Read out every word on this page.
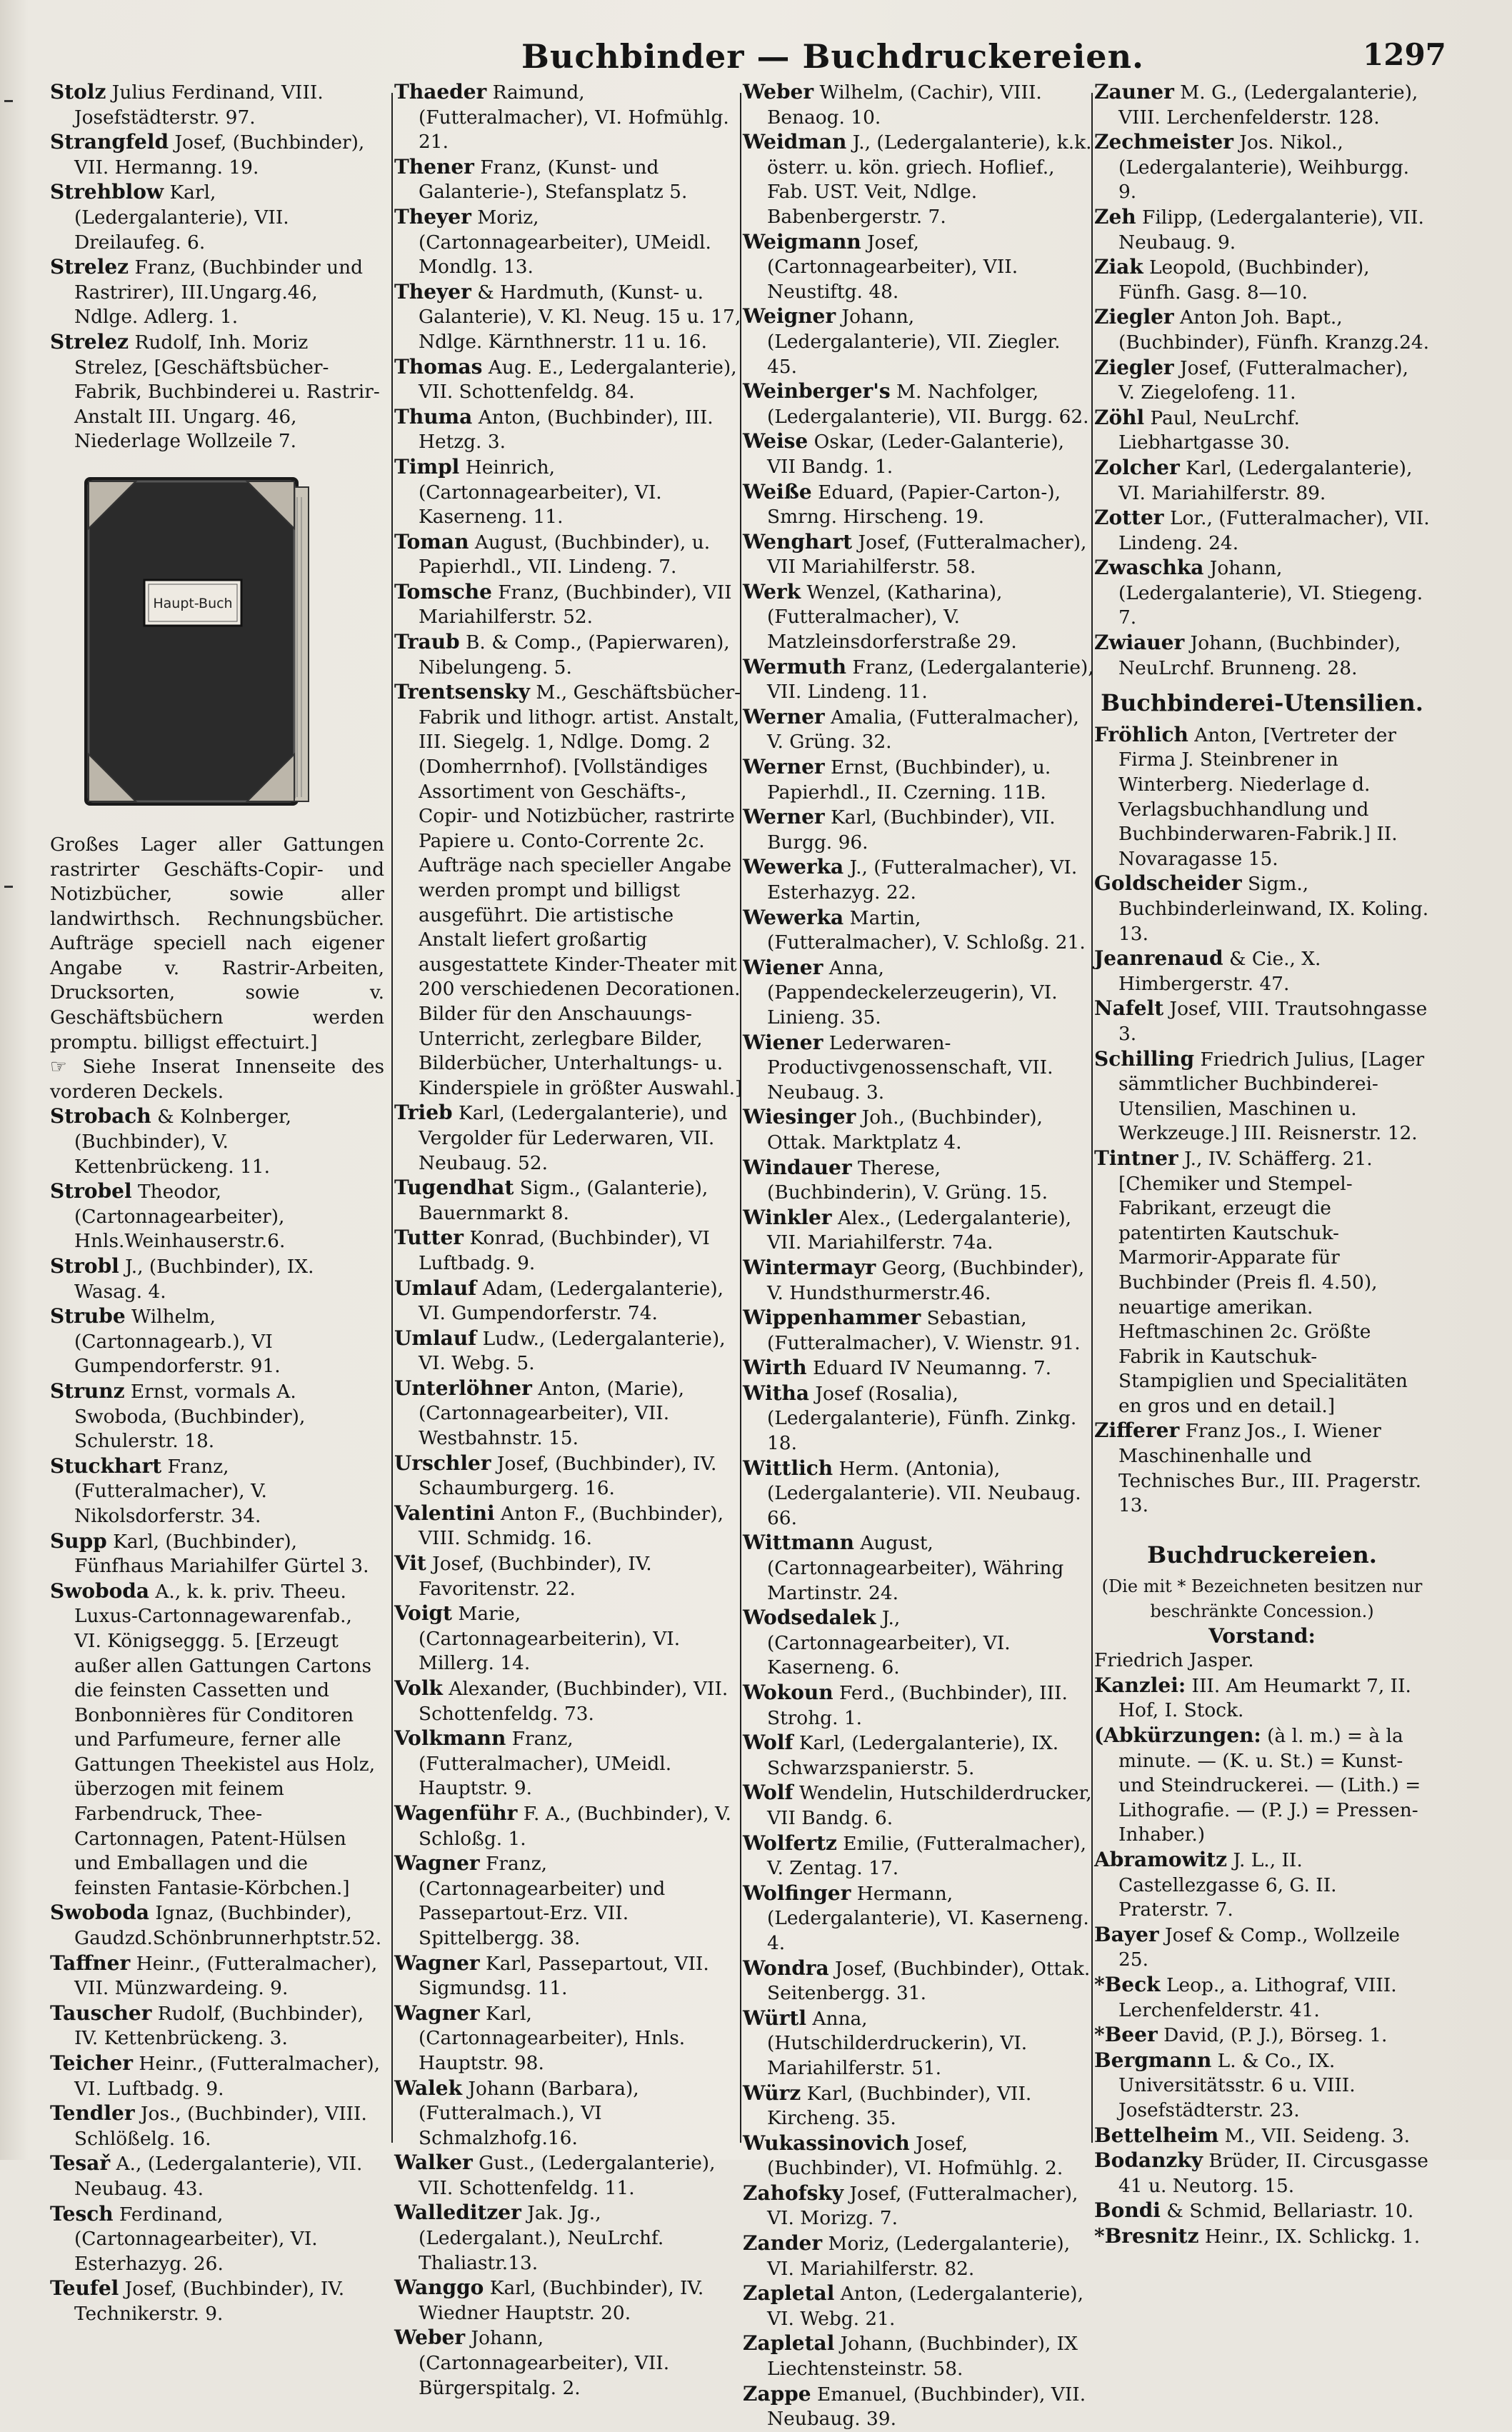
Buchbinder — Buchdruckereien.	1297

Stolz Julius Ferdinand, VIII. Josefstädterstr. 97.

Strangfeld Josef, (Buchbinder), VII. Hermanng. 19.

Strehblow Karl, (Ledergalanterie), VII. Dreilaufeg. 6.

Strelez Franz, (Buchbinder und Rastrirer), III.Ungarg.46, Ndlge. Adlerg. 1.

Strelez Rudolf, Inh. Moriz Strelez, [Geschäftsbücher-Fabrik, Buchbinderei u. Rastrir-Anstalt III. Ungarg. 46, Niederlage Wollzeile 7.

Haupt-Buch

Großes Lager aller Gattungen rastrirter Geschäfts-Copir- und Notizbücher, sowie aller landwirthsch. Rechnungsbücher. Aufträge speciell nach eigener Angabe v. Rastrir-Arbeiten, Drucksorten, sowie v. Geschäftsbüchern werden promptu. billigst effectuirt.]

☞ Siehe Inserat Innenseite des vorderen Deckels.

Strobach & Kolnberger, (Buchbinder), V. Kettenbrückeng. 11.

Strobel Theodor, (Cartonnagearbeiter), Hnls.Weinhauserstr.6.

Strobl J., (Buchbinder), IX. Wasag. 4.

Strube Wilhelm, (Cartonnagearb.), VI Gumpendorferstr. 91.

Strunz Ernst, vormals A. Swoboda, (Buchbinder), Schulerstr. 18.

Stuckhart Franz, (Futteralmacher), V. Nikolsdorferstr. 34.

Supp Karl, (Buchbinder), Fünfhaus Mariahilfer Gürtel 3.

Swoboda A., k. k. priv. Theeu. Luxus-Cartonnagewarenfab., VI. Königseggg. 5. [Erzeugt außer allen Gattungen Cartons die feinsten Cassetten und Bonbonnières für Conditoren und Parfumeure, ferner alle Gattungen Theekistel aus Holz, überzogen mit feinem Farbendruck, Thee-Cartonnagen, Patent-Hülsen und Emballagen und die feinsten Fantasie-Körbchen.]

Swoboda Ignaz, (Buchbinder), Gaudzd.Schönbrunnerhptstr.52.

Taffner Heinr., (Futteralmacher), VII. Münzwardeing. 9.

Tauscher Rudolf, (Buchbinder), IV. Kettenbrückeng. 3.

Teicher Heinr., (Futteralmacher), VI. Luftbadg. 9.

Tendler Jos., (Buchbinder), VIII. Schlößelg. 16.

Tesař A., (Ledergalanterie), VII. Neubaug. 43.

Tesch Ferdinand, (Cartonnagearbeiter), VI. Esterhazyg. 26.

Teufel Josef, (Buchbinder), IV. Technikerstr. 9.

Thaeder Raimund, (Futteralmacher), VI. Hofmühlg. 21.

Thener Franz, (Kunst- und Galanterie-), Stefansplatz 5.

Theyer Moriz, (Cartonnagearbeiter), UMeidl. Mondlg. 13.

Theyer & Hardmuth, (Kunst- u. Galanterie), V. Kl. Neug. 15 u. 17, Ndlge. Kärnthnerstr. 11 u. 16.

Thomas Aug. E., Ledergalanterie), VII. Schottenfeldg. 84.

Thuma Anton, (Buchbinder), III. Hetzg. 3.

Timpl Heinrich, (Cartonnagearbeiter), VI. Kaserneng. 11.

Toman August, (Buchbinder), u. Papierhdl., VII. Lindeng. 7.

Tomsche Franz, (Buchbinder), VII Mariahilferstr. 52.

Traub B. & Comp., (Papierwaren), Nibelungeng. 5.

Trentsensky M., Geschäftsbücher-Fabrik und lithogr. artist. Anstalt, III. Siegelg. 1, Ndlge. Domg. 2 (Domherrnhof). [Vollständiges Assortiment von Geschäfts-, Copir- und Notizbücher, rastrirte Papiere u. Conto-Corrente 2c. Aufträge nach specieller Angabe werden prompt und billigst ausgeführt. Die artistische Anstalt liefert großartig ausgestattete Kinder-Theater mit 200 verschiedenen Decorationen. Bilder für den Anschauungs-Unterricht, zerlegbare Bilder, Bilderbücher, Unterhaltungs- u. Kinderspiele in größter Auswahl.]

Trieb Karl, (Ledergalanterie), und Vergolder für Lederwaren, VII. Neubaug. 52.

Tugendhat Sigm., (Galanterie), Bauernmarkt 8.

Tutter Konrad, (Buchbinder), VI Luftbadg. 9.

Umlauf Adam, (Ledergalanterie), VI. Gumpendorferstr. 74.

Umlauf Ludw., (Ledergalanterie), VI. Webg. 5.

Unterlöhner Anton, (Marie), (Cartonnagearbeiter), VII. Westbahnstr. 15.

Urschler Josef, (Buchbinder), IV. Schaumburgerg. 16.

Valentini Anton F., (Buchbinder), VIII. Schmidg. 16.

Vit Josef, (Buchbinder), IV. Favoritenstr. 22.

Voigt Marie, (Cartonnagearbeiterin), VI. Millerg. 14.

Volk Alexander, (Buchbinder), VII. Schottenfeldg. 73.

Volkmann Franz, (Futteralmacher), UMeidl. Hauptstr. 9.

Wagenführ F. A., (Buchbinder), V. Schloßg. 1.

Wagner Franz, (Cartonnagearbeiter) und Passepartout-Erz. VII. Spittelbergg. 38.

Wagner Karl, Passepartout, VII. Sigmundsg. 11.

Wagner Karl, (Cartonnagearbeiter), Hnls. Hauptstr. 98.

Walek Johann (Barbara), (Futteralmach.), VI Schmalzhofg.16.

Walker Gust., (Ledergalanterie), VII. Schottenfeldg. 11.

Walleditzer Jak. Jg., (Ledergalant.), NeuLrchf. Thaliastr.13.

Wanggo Karl, (Buchbinder), IV. Wiedner Hauptstr. 20.

Weber Johann, (Cartonnagearbeiter), VII. Bürgerspitalg. 2.

Weber Wilhelm, (Cachir), VIII. Benaog. 10.

Weidman J., (Ledergalanterie), k.k. österr. u. kön. griech. Hoflief., Fab. UST. Veit, Ndlge. Babenbergerstr. 7.

Weigmann Josef, (Cartonnagearbeiter), VII. Neustiftg. 48.

Weigner Johann, (Ledergalanterie), VII. Ziegler. 45.

Weinberger's M. Nachfolger, (Ledergalanterie), VII. Burgg. 62.

Weise Oskar, (Leder-Galanterie), VII Bandg. 1.

Weiße Eduard, (Papier-Carton-), Smrng. Hirscheng. 19.

Wenghart Josef, (Futteralmacher), VII Mariahilferstr. 58.

Werk Wenzel, (Katharina), (Futteralmacher), V. Matzleinsdorferstraße 29.

Wermuth Franz, (Ledergalanterie), VII. Lindeng. 11.

Werner Amalia, (Futteralmacher), V. Grüng. 32.

Werner Ernst, (Buchbinder), u. Papierhdl., II. Czerning. 11B.

Werner Karl, (Buchbinder), VII. Burgg. 96.

Wewerka J., (Futteralmacher), VI. Esterhazyg. 22.

Wewerka Martin, (Futteralmacher), V. Schloßg. 21.

Wiener Anna, (Pappendeckelerzeugerin), VI. Linieng. 35.

Wiener Lederwaren-Productivgenossenschaft, VII. Neubaug. 3.

Wiesinger Joh., (Buchbinder), Ottak. Marktplatz 4.

Windauer Therese, (Buchbinderin), V. Grüng. 15.

Winkler Alex., (Ledergalanterie), VII. Mariahilferstr. 74a.

Wintermayr Georg, (Buchbinder), V. Hundsthurmerstr.46.

Wippenhammer Sebastian, (Futteralmacher), V. Wienstr. 91.

Wirth Eduard IV Neumanng. 7.

Witha Josef (Rosalia), (Ledergalanterie), Fünfh. Zinkg. 18.

Wittlich Herm. (Antonia), (Ledergalanterie). VII. Neubaug. 66.

Wittmann August, (Cartonnagearbeiter), Währing Martinstr. 24.

Wodsedalek J., (Cartonnagearbeiter), VI. Kaserneng. 6.

Wokoun Ferd., (Buchbinder), III. Strohg. 1.

Wolf Karl, (Ledergalanterie), IX. Schwarzspanierstr. 5.

Wolf Wendelin, Hutschilderdrucker, VII Bandg. 6.

Wolfertz Emilie, (Futteralmacher), V. Zentag. 17.

Wolfinger Hermann, (Ledergalanterie), VI. Kaserneng. 4.

Wondra Josef, (Buchbinder), Ottak. Seitenbergg. 31.

Würtl Anna, (Hutschilderdruckerin), VI. Mariahilferstr. 51.

Würz Karl, (Buchbinder), VII. Kircheng. 35.

Wukassinovich Josef, (Buchbinder), VI. Hofmühlg. 2.

Zahofsky Josef, (Futteralmacher), VI. Morizg. 7.

Zander Moriz, (Ledergalanterie), VI. Mariahilferstr. 82.

Zapletal Anton, (Ledergalanterie), VI. Webg. 21.

Zapletal Johann, (Buchbinder), IX Liechtensteinstr. 58.

Zappe Emanuel, (Buchbinder), VII. Neubaug. 39.

Zauner M. G., (Ledergalanterie), VIII. Lerchenfelderstr. 128.

Zechmeister Jos. Nikol., (Ledergalanterie), Weihburgg. 9.

Zeh Filipp, (Ledergalanterie), VII. Neubaug. 9.

Ziak Leopold, (Buchbinder), Fünfh. Gasg. 8—10.

Ziegler Anton Joh. Bapt., (Buchbinder), Fünfh. Kranzg.24.

Ziegler Josef, (Futteralmacher), V. Ziegelofeng. 11.

Zöhl Paul, NeuLrchf. Liebhartgasse 30.

Zolcher Karl, (Ledergalanterie), VI. Mariahilferstr. 89.

Zotter Lor., (Futteralmacher), VII. Lindeng. 24.

Zwaschka Johann, (Ledergalanterie), VI. Stiegeng. 7.

Zwiauer Johann, (Buchbinder), NeuLrchf. Brunneng. 28.

Buchbinderei-Utensilien.

Fröhlich Anton, [Vertreter der Firma J. Steinbrener in Winterberg. Niederlage d. Verlagsbuchhandlung und Buchbinderwaren-Fabrik.] II. Novaragasse 15.

Goldscheider Sigm., Buchbinderleinwand, IX. Koling. 13.

Jeanrenaud & Cie., X. Himbergerstr. 47.

Nafelt Josef, VIII. Trautsohngasse 3.

Schilling Friedrich Julius, [Lager sämmtlicher Buchbinderei-Utensilien, Maschinen u. Werkzeuge.] III. Reisnerstr. 12.

Tintner J., IV. Schäfferg. 21. [Chemiker und Stempel-Fabrikant, erzeugt die patentirten Kautschuk-Marmorir-Apparate für Buchbinder (Preis fl. 4.50), neuartige amerikan. Heftmaschinen 2c. Größte Fabrik in Kautschuk-Stampiglien und Specialitäten en gros und en detail.]

Zifferer Franz Jos., I. Wiener Maschinenhalle und Technisches Bur., III. Pragerstr. 13.

Buchdruckereien.
(Die mit * Bezeichneten besitzen nur beschränkte Concession.)
Vorstand:

Friedrich Jasper.

Kanzlei: III. Am Heumarkt 7, II. Hof, I. Stock.

(Abkürzungen: (à l. m.) = à la minute. — (K. u. St.) = Kunst- und Steindruckerei. — (Lith.) = Lithografie. — (P. J.) = Pressen-Inhaber.)

Abramowitz J. L., II. Castellezgasse 6, G. II. Praterstr. 7.

Bayer Josef & Comp., Wollzeile 25.

*Beck Leop., a. Lithograf, VIII. Lerchenfelderstr. 41.

*Beer David, (P. J.), Börseg. 1.

Bergmann L. & Co., IX. Universitätsstr. 6 u. VIII. Josefstädterstr. 23.

Bettelheim M., VII. Seideng. 3.

Bodanzky Brüder, II. Circusgasse 41 u. Neutorg. 15.

Bondi & Schmid, Bellariastr. 10.

*Bresnitz Heinr., IX. Schlickg. 1.
